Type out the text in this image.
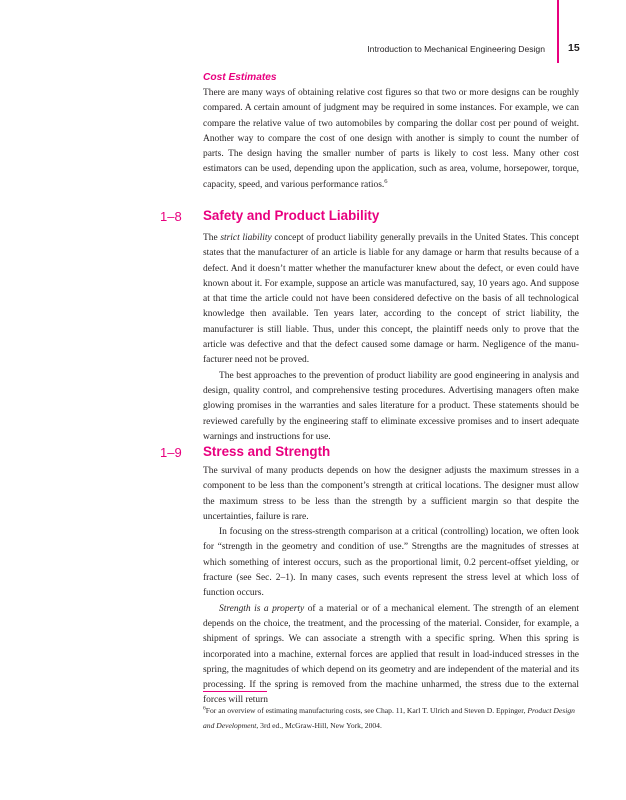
Introduction to Mechanical Engineering Design 15
Cost Estimates

There are many ways of obtaining relative cost figures so that two or more designs can be roughly compared. A certain amount of judgment may be required in some instances. For example, we can compare the relative value of two automobiles by comparing the dollar cost per pound of weight. Another way to compare the cost of one design with another is simply to count the number of parts. The design having the smaller number of parts is likely to cost less. Many other cost estimators can be used, depending upon the application, such as area, volume, horsepower, torque, capacity, speed, and various performance ratios.$^6$

1–8 Safety and Product Liability

The strict liability concept of product liability generally prevails in the United States. This concept states that the manufacturer of an article is liable for any damage or harm that results because of a defect. And it doesn’t matter whether the manufacturer knew about the defect, or even could have known about it. For example, suppose an article was manufactured, say, 10 years ago. And suppose at that time the article could not have been considered defective on the basis of all technological knowledge then available. Ten years later, according to the concept of strict liability, the manufacturer is still liable. Thus, under this concept, the plaintiff needs only to prove that the article was defective and that the defect caused some damage or harm. Negligence of the manufacturer need not be proved.

The best approaches to the prevention of product liability are good engineering in analysis and design, quality control, and comprehensive testing procedures. Advertising managers often make glowing promises in the warranties and sales literature for a product. These statements should be reviewed carefully by the engineering staff to eliminate excessive promises and to insert adequate warnings and instructions for use.

1–9 Stress and Strength

The survival of many products depends on how the designer adjusts the maximum stresses in a component to be less than the component’s strength at critical locations. The designer must allow the maximum stress to be less than the strength by a sufficient margin so that despite the uncertainties, failure is rare.

In focusing on the stress-strength comparison at a critical (controlling) location, we often look for “strength in the geometry and condition of use.” Strengths are the magnitudes of stresses at which something of interest occurs, such as the proportional limit, 0.2 percent-offset yielding, or fracture (see Sec. 2–1). In many cases, such events represent the stress level at which loss of function occurs.

Strength is a property of a material or of a mechanical element. The strength of an element depends on the choice, the treatment, and the processing of the material. Consider, for example, a shipment of springs. We can associate a strength with a specific spring. When this spring is incorporated into a machine, external forces are applied that result in load-induced stresses in the spring, the magnitudes of which depend on its geometry and are independent of the material and its processing. If the spring is removed from the machine unharmed, the stress due to the external forces will return

$^6$For an overview of estimating manufacturing costs, see Chap. 11, Karl T. Ulrich and Steven D. Eppinger, Product Design and Development, 3rd ed., McGraw-Hill, New York, 2004.
